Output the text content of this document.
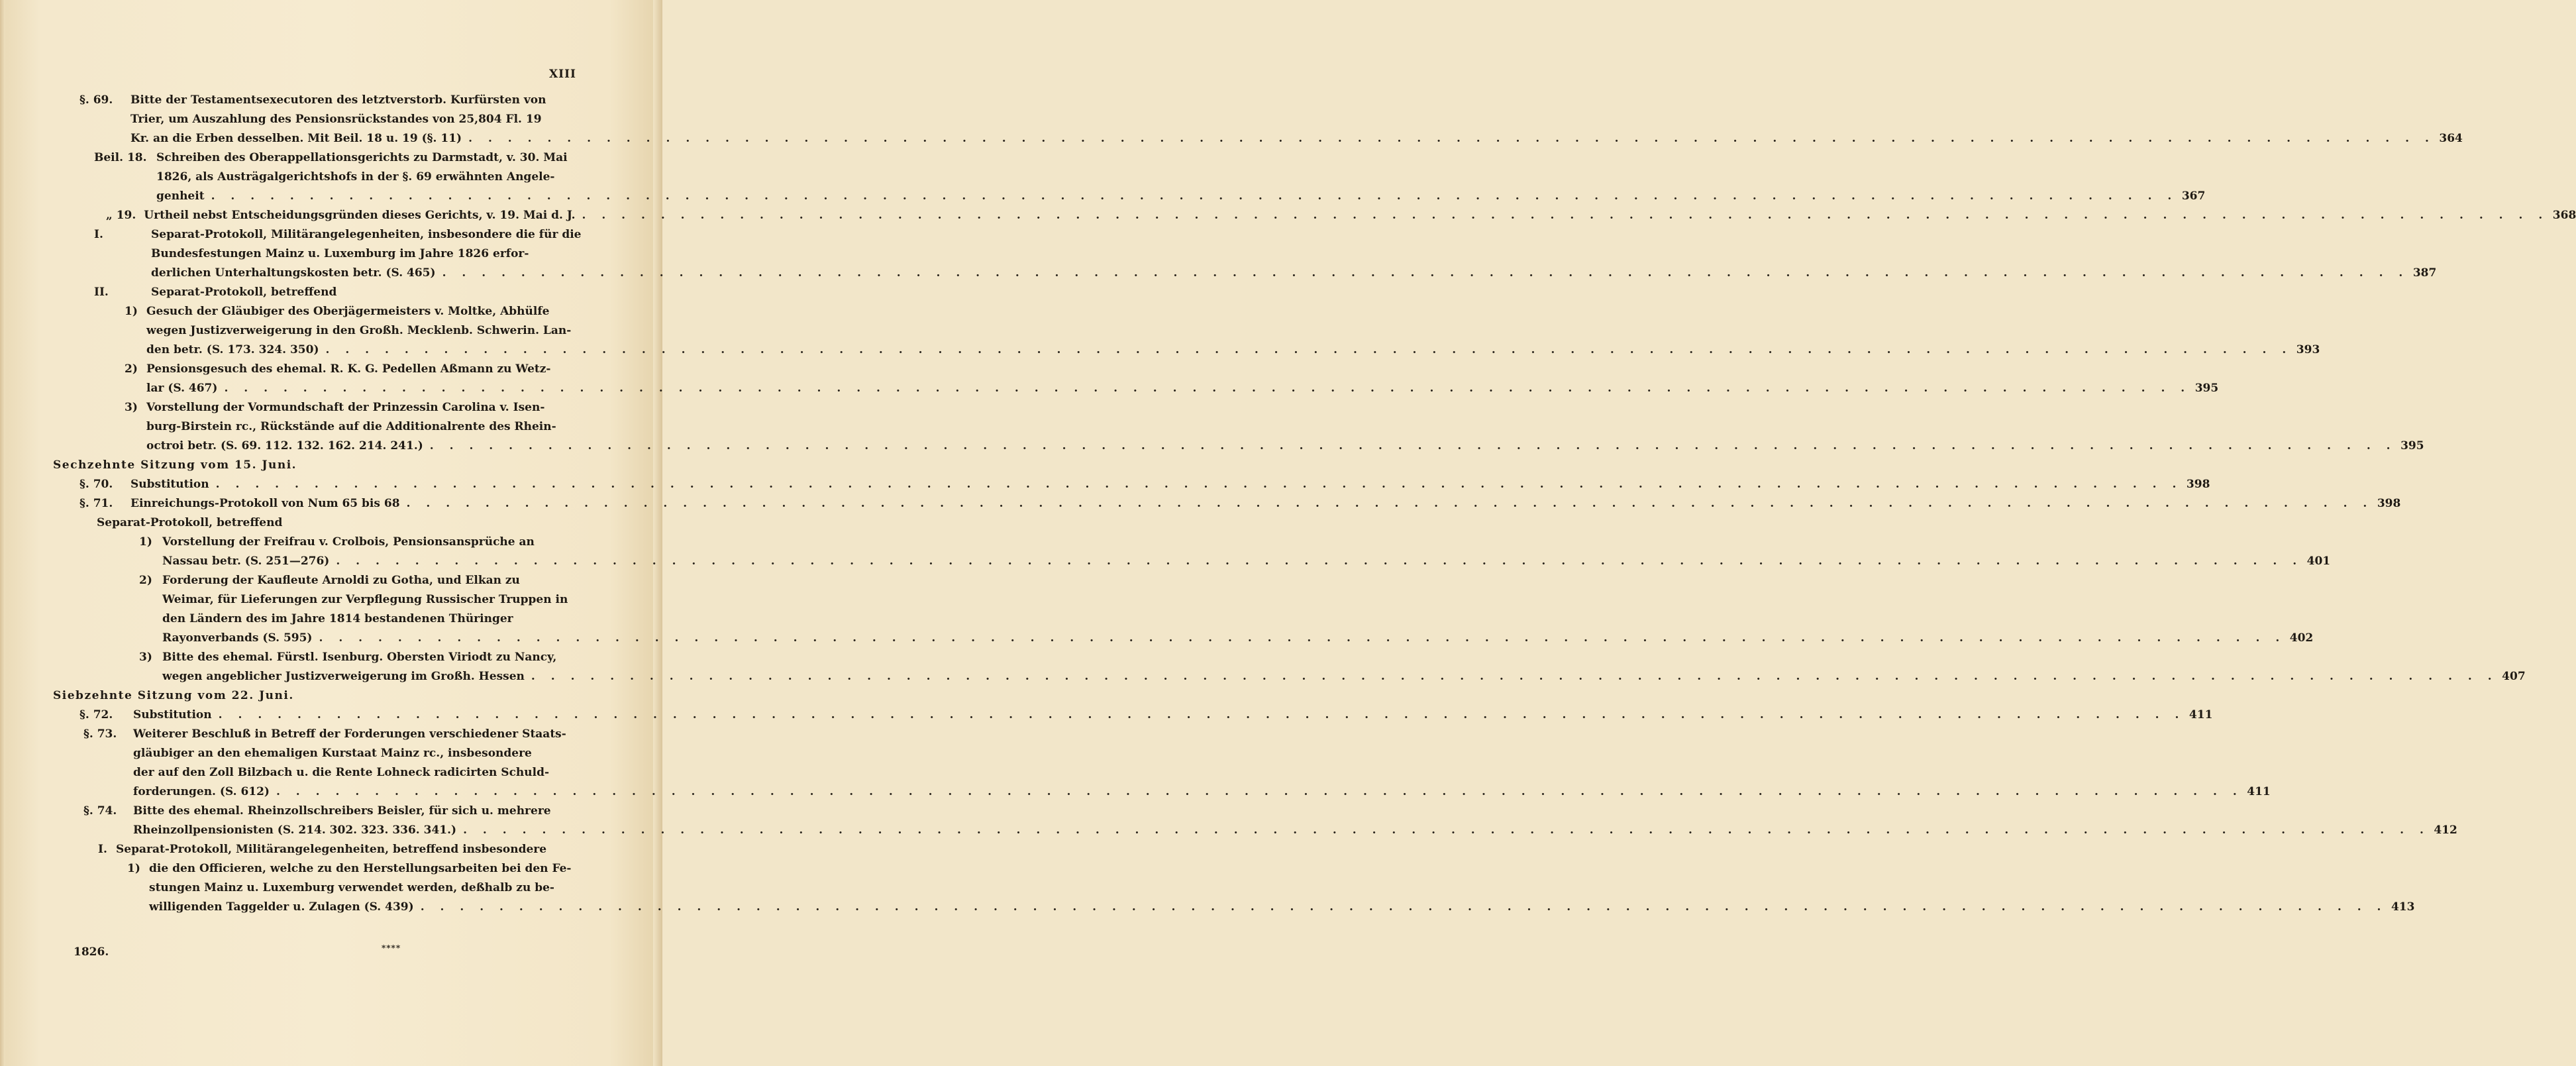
XIII
§. 69.	Bitte der Testamentsexecutoren des letztverstorb. Kurfürsten von
Trier, um Auszahlung des Pensionsrückstandes von 25,804 Fl. 19
Kr. an die Erben desselben. Mit Beil. 18 u. 19 (§. 11) . . .	364
Beil. 18. Schreiben des Oberappellationsgerichts zu Darmstadt, v. 30. Mai
1826, als Austrägalgerichtshofs in der §. 69 erwähnten Angele-
genheit . . .	367
„ 19. Urtheil nebst Entscheidungsgründen dieses Gerichts, v. 19. Mai d. J. . . .	368
I.	Separat-Protokoll, Militärangelegenheiten, insbesondere die für die
Bundesfestungen Mainz u. Luxemburg im Jahre 1826 erfor-
derlichen Unterhaltungskosten betr. (S. 465) . . .	387
II.	Separat-Protokoll, betreffend
1) Gesuch der Gläubiger des Oberjägermeisters v. Moltke, Abhülfe
wegen Justizverweigerung in den Großh. Mecklenb. Schwerin. Lan-
den betr. (S. 173. 324. 350) . . .	393
2) Pensionsgesuch des ehemal. R. K. G. Pedellen Aßmann zu Wetz-
lar (S. 467) . . .	395
3) Vorstellung der Vormundschaft der Prinzessin Carolina v. Isen-
burg-Birstein rc., Rückstände auf die Additionalrente des Rhein-
octroi betr. (S. 69. 112. 132. 162. 214. 241.) . . .	395
Sechzehnte Sitzung vom 15. Juni.
§. 70.	Substitution . . .	398
§. 71.	Einreichungs-Protokoll von Num 65 bis 68 . . .	398
Separat-Protokoll, betreffend
1) Vorstellung der Freifrau v. Crolbois, Pensionsansprüche an
Nassau betr. (S. 251—276) . . .	401
2) Forderung der Kaufleute Arnoldi zu Gotha, und Elkan zu
Weimar, für Lieferungen zur Verpflegung Russischer Truppen in
den Ländern des im Jahre 1814 bestandenen Thüringer
Rayonverbands (S. 595) . . .	402
3) Bitte des ehemal. Fürstl. Isenburg. Obersten Viriodt zu Nancy,
wegen angeblicher Justizverweigerung im Großh. Hessen . . .	407
Siebzehnte Sitzung vom 22. Juni.
§. 72.	Substitution . . .	411
§. 73.	Weiterer Beschluß in Betreff der Forderungen verschiedener Staats-
gläubiger an den ehemaligen Kurstaat Mainz rc., insbesondere
der auf den Zoll Bilzbach u. die Rente Lohneck radicirten Schuld-
forderungen. (S. 612) . . .	411
§. 74.	Bitte des ehemal. Rheinzollschreibers Beisler, für sich u. mehrere
Rheinzollpensionisten (S. 214. 302. 323. 336. 341.) . . .	412
I. Separat-Protokoll, Militärangelegenheiten, betreffend insbesondere
1) die den Officieren, welche zu den Herstellungsarbeiten bei den Fe-
stungen Mainz u. Luxemburg verwendet werden, deßhalb zu be-
willigenden Taggelder u. Zulagen (S. 439) . . .	413
1826.	****
